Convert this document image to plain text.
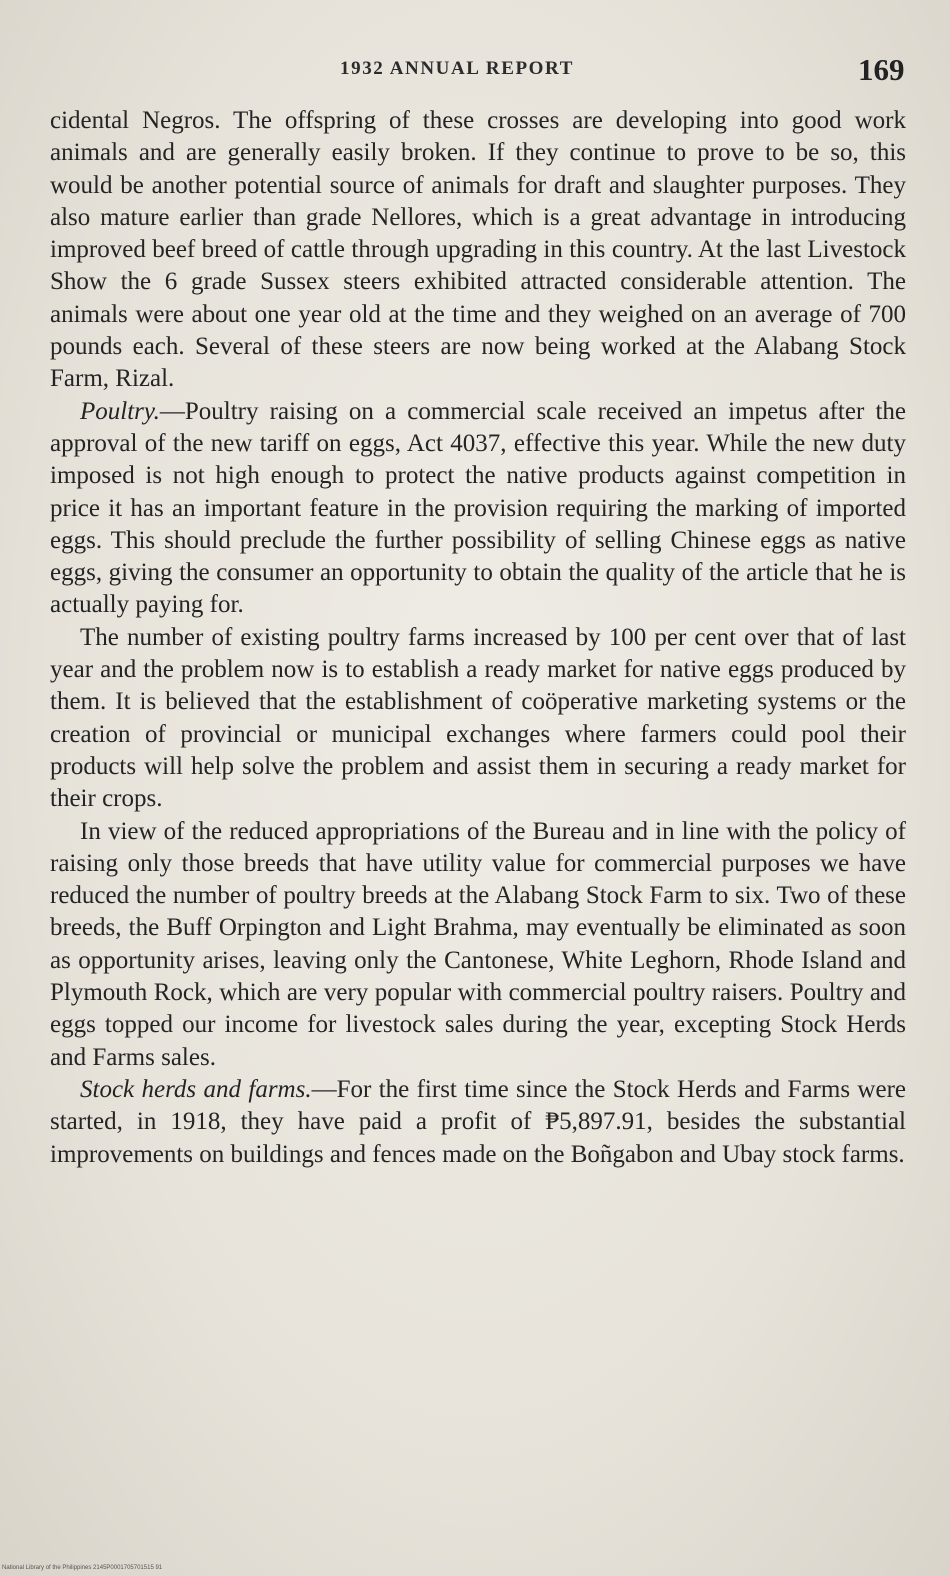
1932 ANNUAL REPORT	169

cidental Negros. The offspring of these crosses are developing into good work animals and are generally easily broken. If they continue to prove to be so, this would be another potential source of animals for draft and slaughter purposes. They also mature earlier than grade Nellores, which is a great advantage in introducing improved beef breed of cattle through upgrading in this country. At the last Livestock Show the 6 grade Sussex steers exhibited attracted considerable attention. The animals were about one year old at the time and they weighed on an average of 700 pounds each. Several of these steers are now being worked at the Alabang Stock Farm, Rizal.

Poultry.—Poultry raising on a commercial scale received an impetus after the approval of the new tariff on eggs, Act 4037, effective this year. While the new duty imposed is not high enough to protect the native products against competition in price it has an important feature in the provision requiring the marking of imported eggs. This should preclude the further possibility of selling Chinese eggs as native eggs, giving the consumer an opportunity to obtain the quality of the article that he is actually paying for.

The number of existing poultry farms increased by 100 per cent over that of last year and the problem now is to establish a ready market for native eggs produced by them. It is believed that the establishment of coöperative marketing systems or the creation of provincial or municipal exchanges where farmers could pool their products will help solve the problem and assist them in securing a ready market for their crops.

In view of the reduced appropriations of the Bureau and in line with the policy of raising only those breeds that have utility value for commercial purposes we have reduced the number of poultry breeds at the Alabang Stock Farm to six. Two of these breeds, the Buff Orpington and Light Brahma, may eventually be eliminated as soon as opportunity arises, leaving only the Cantonese, White Leghorn, Rhode Island and Plymouth Rock, which are very popular with commercial poultry raisers. Poultry and eggs topped our income for livestock sales during the year, excepting Stock Herds and Farms sales.

Stock herds and farms.—For the first time since the Stock Herds and Farms were started, in 1918, they have paid a profit of ₱5,897.91, besides the substantial improvements on buildings and fences made on the Boñgabon and Ubay stock farms.

National Library of the Philippines 2145P0001705701515 91
